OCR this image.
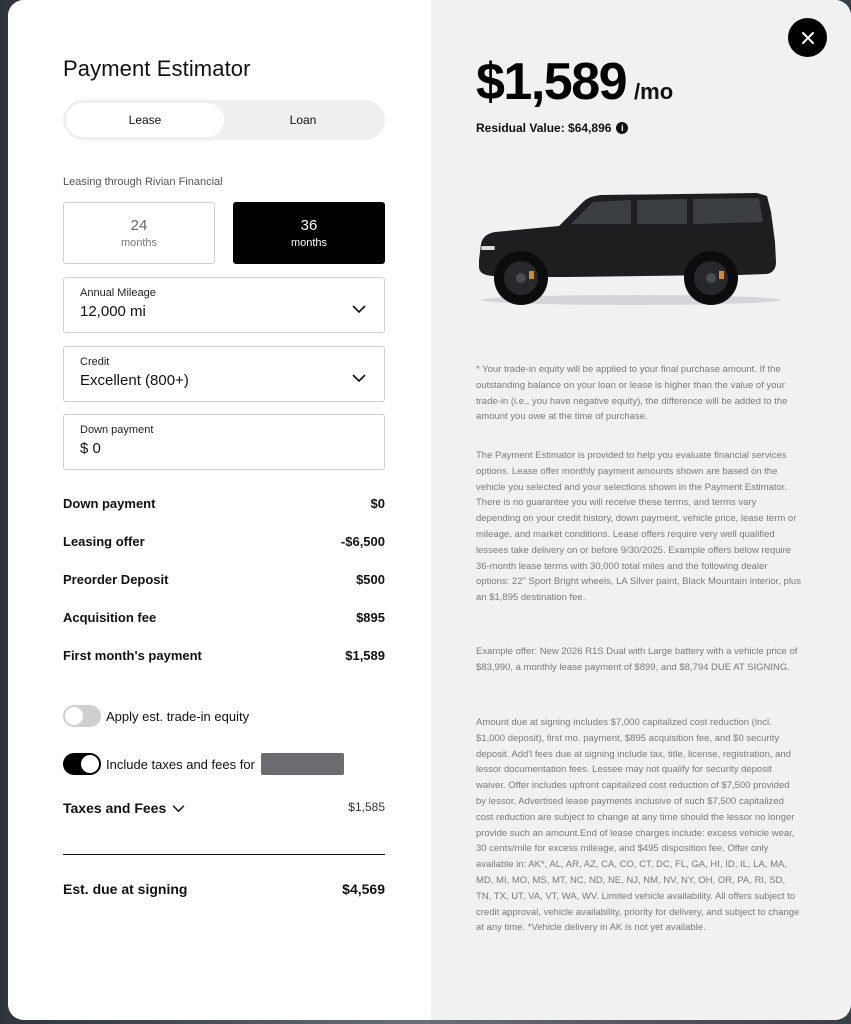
Payment Estimator
Lease	Loan
Leasing through Rivian Financial
24
months
36
months
Annual Mileage
12,000 mi
Credit
Excellent (800+)
Down payment
$ 0
Down payment	$0
Leasing offer	-$6,500
Preorder Deposit	$500
Acquisition fee	$895
First month's payment	$1,589
Apply est. trade-in equity
Include taxes and fees for
Taxes and Fees	$1,585
Est. due at signing	$4,569
$1,589 /mo
Residual Value: $64,896	i

* Your trade-in equity will be applied to your final purchase amount. If the outstanding balance on your loan or lease is higher than the value of your trade-in (i.e., you have negative equity), the difference will be added to the amount you owe at the time of purchase.

The Payment Estimator is provided to help you evaluate financial services options. Lease offer monthly payment amounts shown are based on the vehicle you selected and your selections shown in the Payment Estimator. There is no guarantee you will receive these terms, and terms vary depending on your credit history, down payment, vehicle price, lease term or mileage, and market conditions. Lease offers require very well qualified lessees take delivery on or before 9/30/2025. Example offers below require 36-month lease terms with 30,000 total miles and the following dealer options: 22" Sport Bright wheels, LA Silver paint, Black Mountain interior, plus an $1,895 destination fee.

Example offer: New 2026 R1S Dual with Large battery with a vehicle price of $83,990, a monthly lease payment of $899, and $8,794 DUE AT SIGNING.

Amount due at signing includes $7,000 capitalized cost reduction (incl. $1,000 deposit), first mo. payment, $895 acquisition fee, and $0 security deposit. Add'l fees due at signing include tax, title, license, registration, and lessor documentation fees. Lessee may not qualify for security deposit waiver. Offer includes upfront capitalized cost reduction of $7,500 provided by lessor. Advertised lease payments inclusive of such $7,500 capitalized cost reduction are subject to change at any time should the lessor no longer provide such an amount.End of lease charges include: excess vehicle wear, 30 cents/mile for excess mileage, and $495 disposition fee. Offer only available in: AK*, AL, AR, AZ, CA, CO, CT, DC, FL, GA, HI, ID, IL, LA, MA, MD, MI, MO, MS, MT, NC, ND, NE, NJ, NM, NV, NY, OH, OR, PA, RI, SD, TN, TX, UT, VA, VT, WA, WV. Limited vehicle availability. All offers subject to credit approval, vehicle availability, priority for delivery, and subject to change at any time. *Vehicle delivery in AK is not yet available.
